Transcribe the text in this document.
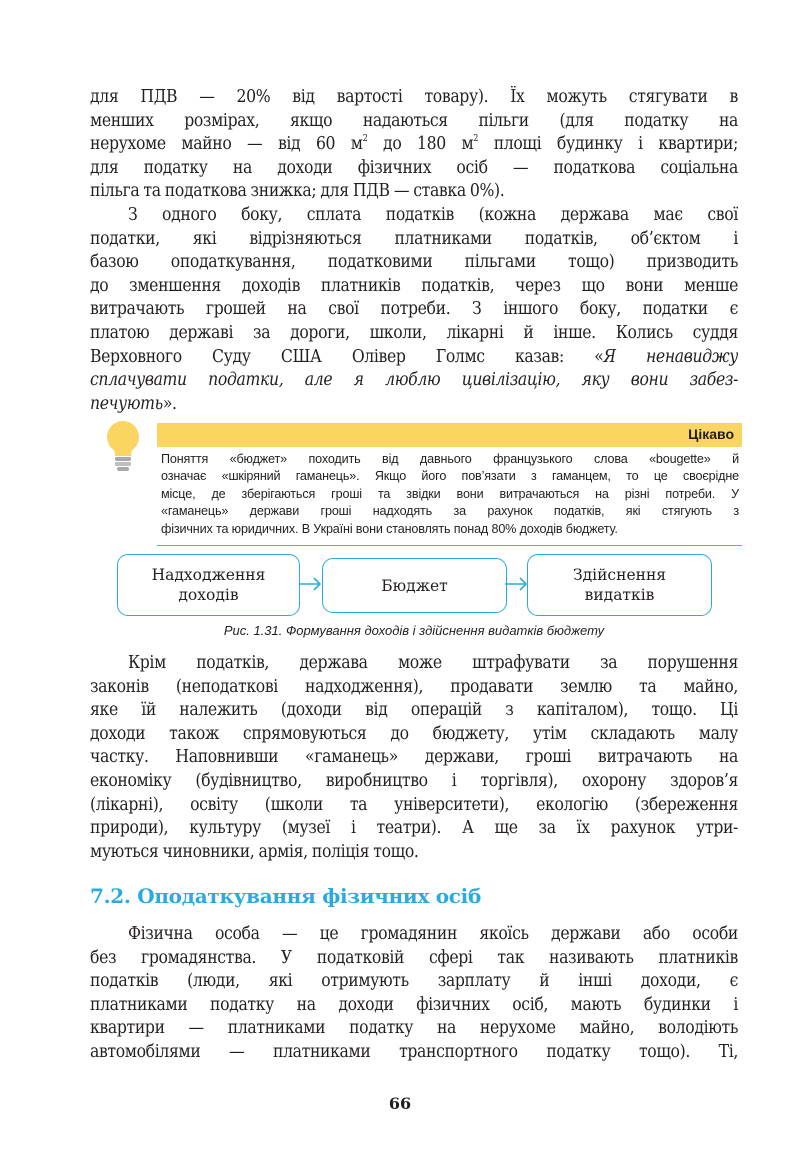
для ПДВ — 20% від вартості товару). Їх можуть стягувати в
менших розмірах, якщо надаються пільги (для податку на
нерухоме майно — від 60 $м^2$ до 180 $м^2$ площі будинку і квартири;
для податку на доходи фізичних осіб — податкова соціальна
пільга та податкова знижка; для ПДВ — ставка 0%).
З одного боку, сплата податків (кожна держава має свої
податки, які відрізняються платниками податків, об’єктом і
базою оподаткування, податковими пільгами тощо) призводить
до зменшення доходів платників податків, через що вони менше
витрачають грошей на свої потреби. З іншого боку, податки є
платою державі за дороги, школи, лікарні й інше. Колись суддя
Верховного Суду США Олівер Голмс казав: «Я ненавиджу
сплачувати податки, але я люблю цивілізацію, яку вони забез-
печують».
Цікаво
Поняття «бюджет» походить від давнього французького слова «bougette» й
означає «шкіряний гаманець». Якщо його пов’язати з гаманцем, то це своєрідне
місце, де зберігаються гроші та звідки вони витрачаються на різні потреби. У
«гаманець» держави гроші надходять за рахунок податків, які стягують з
фізичних та юридичних. В Україні вони становлять понад 80% доходів бюджету.
Надходження
доходів
Бюджет
Здійснення
видатків
Рис. 1.31. Формування доходів і здійснення видатків бюджету
Крім податків, держава може штрафувати за порушення
законів (неподаткові надходження), продавати землю та майно,
яке їй належить (доходи від операцій з капіталом), тощо. Ці
доходи також спрямовуються до бюджету, утім складають малу
частку. Наповнивши «гаманець» держави, гроші витрачають на
економіку (будівництво, виробництво і торгівля), охорону здоров’я
(лікарні), освіту (школи та університети), екологію (збереження
природи), культуру (музеї і театри). А ще за їх рахунок утри-
муються чиновники, армія, поліція тощо.
7.2. Оподаткування фізичних осіб
Фізична особа — це громадянин якоїсь держави або особи
без громадянства. У податковій сфері так називають платників
податків (люди, які отримують зарплату й інші доходи, є
платниками податку на доходи фізичних осіб, мають будинки і
квартири — платниками податку на нерухоме майно, володіють
автомобілями — платниками транспортного податку тощо). Ті,
66
